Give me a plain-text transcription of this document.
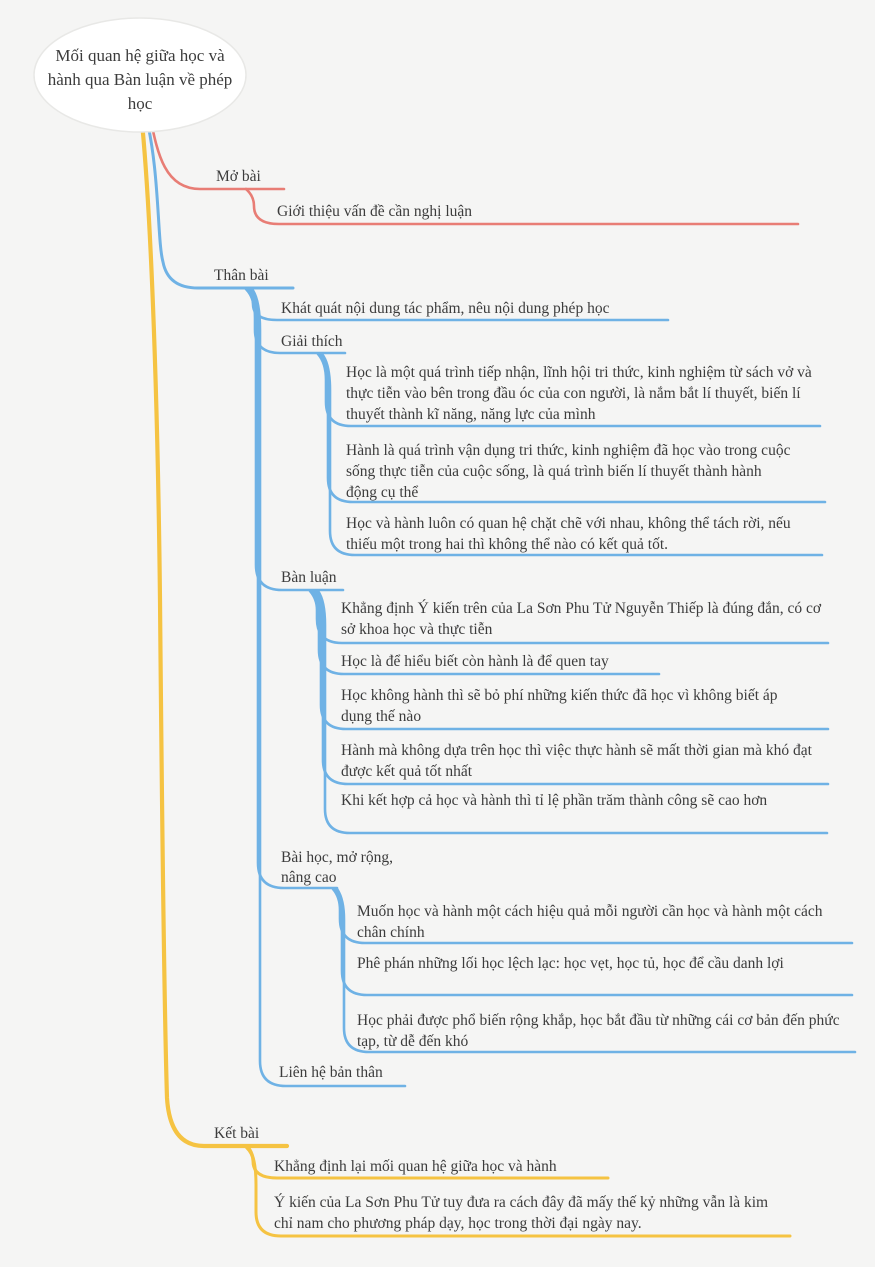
Mối quan hệ giữa học và hành qua Bàn luận về phép học
Mở bài
Giới thiệu vấn đề cần nghị luận
Thân bài
Khát quát nội dung tác phẩm, nêu nội dung phép học
Giải thích
Học là một quá trình tiếp nhận, lĩnh hội tri thức, kinh nghiệm từ sách vở và thực tiễn vào bên trong đầu óc của con người, là nắm bắt lí thuyết, biến lí thuyết thành kĩ năng, năng lực của mình
Hành là quá trình vận dụng tri thức, kinh nghiệm đã học vào trong cuộc sống thực tiễn của cuộc sống, là quá trình biến lí thuyết thành hành động cụ thể
Học và hành luôn có quan hệ chặt chẽ với nhau, không thể tách rời, nếu thiếu một trong hai thì không thể nào có kết quả tốt.
Bàn luận
Khẳng định Ý kiến trên của La Sơn Phu Tử Nguyễn Thiếp là đúng đắn, có cơ sở khoa học và thực tiễn
Học là để hiểu biết còn hành là để quen tay
Học không hành thì sẽ bỏ phí những kiến thức đã học vì không biết áp dụng thế nào
Hành mà không dựa trên học thì việc thực hành sẽ mất thời gian mà khó đạt được kết quả tốt nhất
Khi kết hợp cả học và hành thì tỉ lệ phần trăm thành công sẽ cao hơn
Bài học, mở rộng, nâng cao
Muốn học và hành một cách hiệu quả mỗi người cần học và hành một cách chân chính
Phê phán những lối học lệch lạc: học vẹt, học tủ, học để cầu danh lợi
Học phải được phổ biến rộng khắp, học bắt đầu từ những cái cơ bản đến phức tạp, từ dễ đến khó
Liên hệ bản thân
Kết bài
Khẳng định lại mối quan hệ giữa học và hành
Ý kiến của La Sơn Phu Tử tuy đưa ra cách đây đã mấy thế kỷ những vẫn là kim chỉ nam cho phương pháp dạy, học trong thời đại ngày nay.
